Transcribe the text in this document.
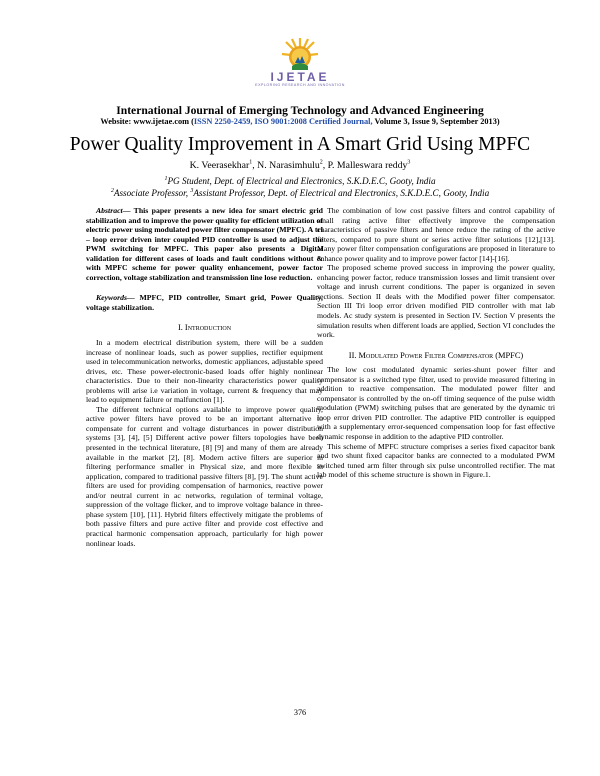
IJETAE
EXPLORING RESEARCH AND INNOVATION
International Journal of Emerging Technology and Advanced Engineering
Website: www.ijetae.com (ISSN 2250-2459, ISO 9001:2008 Certified Journal, Volume 3, Issue 9, September 2013)
Power Quality Improvement in A Smart Grid Using MPFC
K. Veerasekhar$^1$, N. Narasimhulu$^2$, P. Malleswara reddy$^3$
$^1$PG Student, Dept. of Electrical and Electronics, S.K.D.E.C, Gooty, India
$^2$Associate Professor, $^3$Assistant Professor, Dept. of Electrical and Electronics, S.K.D.E.C, Gooty, India

Abstract— This paper presents a new idea for smart electric grid stabilization and to improve the power quality for efficient utilization of electric power using modulated power filter compensator (MPFC). A tri – loop error driven inter coupled PID controller is used to adjust the PWM switching for MPFC. This paper also presents a Digital validation for different cases of loads and fault conditions without & with MPFC scheme for power quality enhancement, power factor correction, voltage stabilization and transmission line lose reduction.

Keywords— MPFC, PID controller, Smart grid, Power Quality, voltage stabilization.

I. Introduction

In a modern electrical distribution system, there will be a sudden increase of nonlinear loads, such as power supplies, rectifier equipment used in telecommunication networks, domestic appliances, adjustable speed drives, etc. These power-electronic-based loads offer highly nonlinear characteristics. Due to their non-linearity characteristics power quality problems will arise i.e variation in voltage, current & frequency that may lead to equipment failure or malfunction [1].

The different technical options available to improve power quality, active power filters have proved to be an important alternative to compensate for current and voltage disturbances in power distribution systems [3], [4], [5] Different active power filters topologies have been presented in the technical literature, [8] [9] and many of them are already available in the market [2], [8]. Modern active filters are superior in filtering performance smaller in Physical size, and more flexible in application, compared to traditional passive filters [8], [9]. The shunt active filters are used for providing compensation of harmonics, reactive power and/or neutral current in ac networks, regulation of terminal voltage, suppression of the voltage flicker, and to improve voltage balance in three- phase system [10], [11]. Hybrid filters effectively mitigate the problems of both passive filters and pure active filter and provide cost effective and practical harmonic compensation approach, particularly for high power nonlinear loads.

The combination of low cost passive filters and control capability of small rating active filter effectively improve the compensation characteristics of passive filters and hence reduce the rating of the active filters, compared to pure shunt or series active filter solutions [12],[13]. Many power filter compensation configurations are proposed in literature to enhance power quality and to improve power factor [14]-[16].

The proposed scheme proved success in improving the power quality, enhancing power factor, reduce transmission losses and limit transient over voltage and inrush current conditions. The paper is organized in seven sections. Section II deals with the Modified power filter compensator. Section III Tri loop error driven modified PID controller with mat lab models. Ac study system is presented in Section IV. Section V presents the simulation results when different loads are applied, Section VI concludes the work.

II. Modulated Power Filter Compensator (MPFC)

The low cost modulated dynamic series-shunt power filter and compensator is a switched type filter, used to provide measured filtering in addition to reactive compensation. The modulated power filter and compensator is controlled by the on-off timing sequence of the pulse width modulation (PWM) switching pulses that are generated by the dynamic tri loop error driven PID controller. The adaptive PID controller is equipped with a supplementary error-sequenced compensation loop for fast effective dynamic response in addition to the adaptive PID controller.

This scheme of MPFC structure comprises a series fixed capacitor bank and two shunt fixed capacitor banks are connected to a modulated PWM switched tuned arm filter through six pulse uncontrolled rectifier. The mat lab model of this scheme structure is shown in Figure.1.

376
